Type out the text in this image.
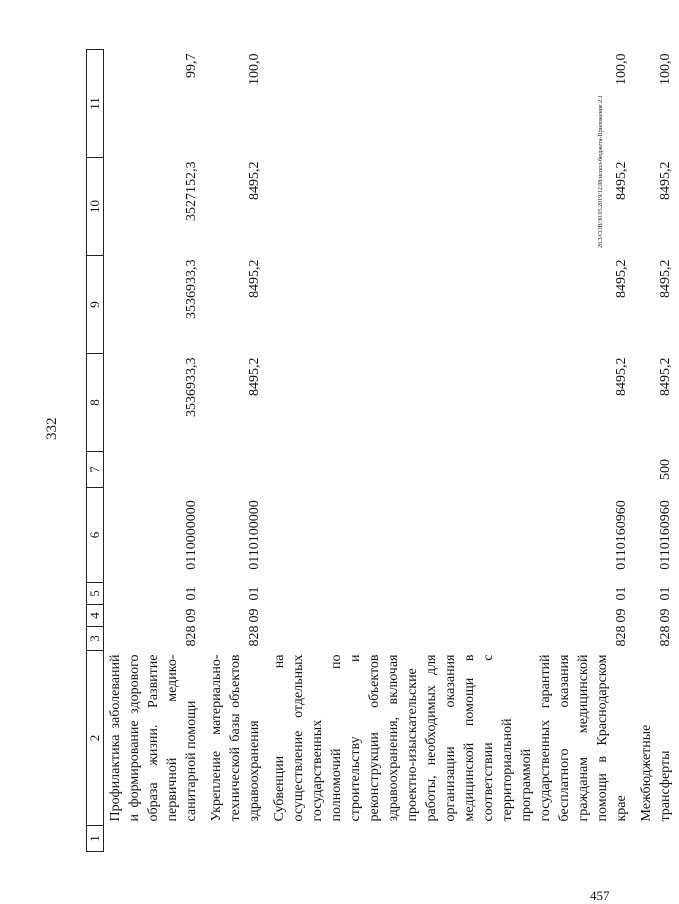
332
20.3/СОВ/30.05.2019/12.08/испол-бюджета-Приложение 2.1
457
1	2	3	4	5	6	7	8	9	10	11
	Профилактика заболеваний и формирование здорового образа жизни. Развитие первичной медико-санитарной помощи	828	09	01	0110000000		3536933,3	3536933,3	3527152,3	99,7
	Укрепление материально-технической базы объектов здравоохранения	828	09	01	0110100000		8495,2	8495,2	8495,2	100,0
	Субвенции на осуществление отдельных государственных полномочий по строительству и реконструкции объектов здравоохранения, включая проектно-изыскательские работы, необходимых для организации оказания медицинской помощи в соответствии с территориальной программой государственных гарантий бесплатного оказания гражданам медицинской помощи в Краснодарском крае	828	09	01	0110160960		8495,2	8495,2	8495,2	100,0
	Межбюджетные трансферты	828	09	01	0110160960	500	8495,2	8495,2	8495,2	100,0
